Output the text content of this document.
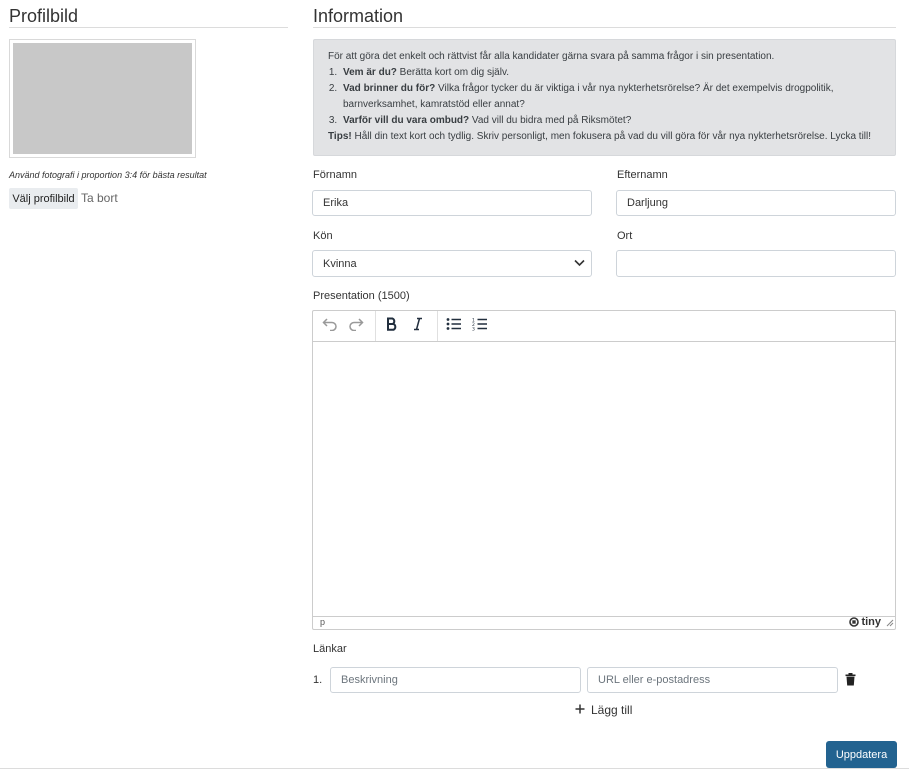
Profilbild
Använd fotografi i proportion 3:4 för bästa resultat
Välj profilbild Ta bort
Information
För att göra det enkelt och rättvist får alla kandidater gärna svara på samma frågor i sin presentation.
1. Vem är du? Berätta kort om dig själv.
2. Vad brinner du för? Vilka frågor tycker du är viktiga i vår nya nykterhetsrörelse? Är det exempelvis drogpolitik, barnverksamhet, kamratstöd eller annat?
3. Varför vill du vara ombud? Vad vill du bidra med på Riksmötet?
Tips! Håll din text kort och tydlig. Skriv personligt, men fokusera på vad du vill göra för vår nya nykterhetsrörelse. Lycka till!
Förnamn
Erika
Efternamn
Darljung
Kön
Kvinna
Ort
Presentation (1500)
1
2
3
p	tiny
Länkar
1. Beskrivning	URL eller e-postadress
Lägg till
Uppdatera
